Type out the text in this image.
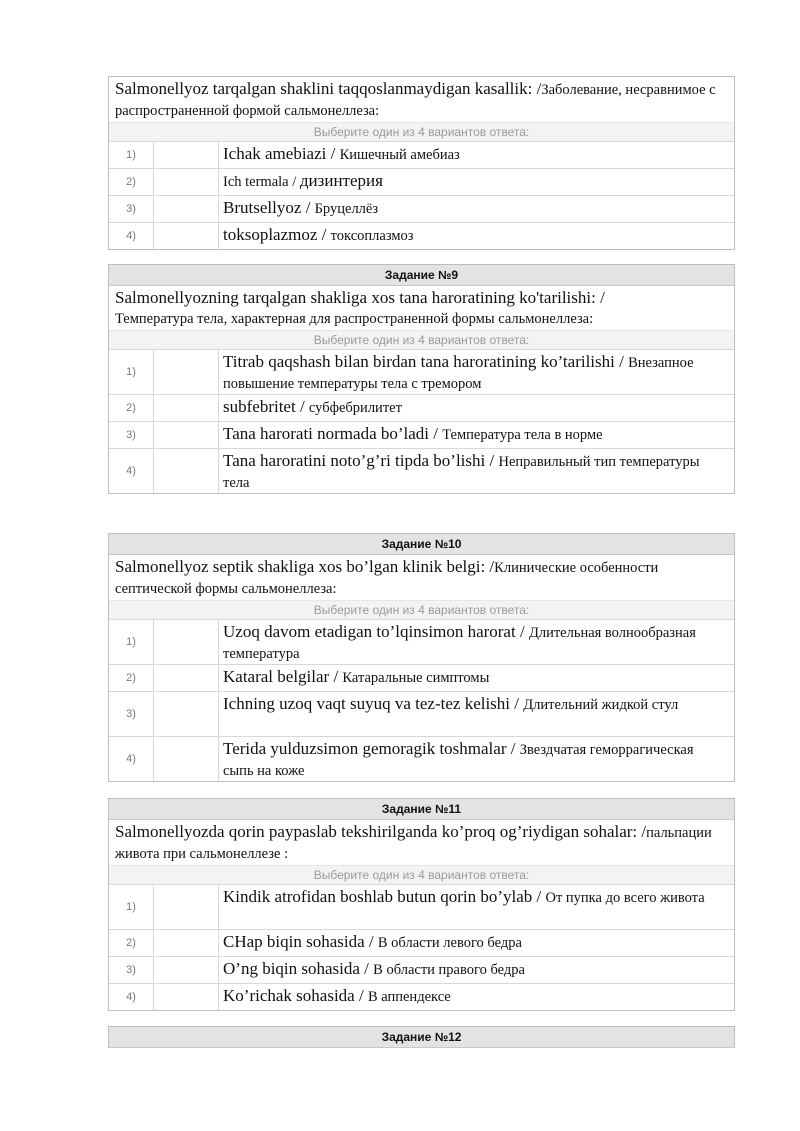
Salmonellyoz tarqalgan shaklini taqqoslanmaydigan kasallik: /Заболевание, несравнимое с распространенной формой сальмонеллеза:
Выберите один из 4 вариантов ответа:
1)	Ichak amebiazi / Кишечный амебиаз
2)	Ich termala / дизинтерия
3)	Brutsellyoz / Бруцеллёз
4)	toksoplazmoz / токсоплазмоз
Задание №9
Salmonellyozning tarqalgan shakliga xos tana haroratining ko'tarilishi: /Температура тела, характерная для распространенной формы сальмонеллеза:
Выберите один из 4 вариантов ответа:
1)
Titrab qaqshash bilan birdan tana haroratining ko’tarilishi / Внезапное повышение температуры тела с тремором
2)	subfebritet / субфебрилитет
3)	Tana harorati normada bo’ladi / Температура тела в норме
4)
Tana haroratini noto’g’ri tipda bo’lishi / Неправильный тип температуры тела
Задание №10
Salmonellyoz septik shakliga xos bo’lgan klinik belgi: /Клинические особенности септической формы сальмонеллеза:
Выберите один из 4 вариантов ответа:
1)
Uzoq davom etadigan to’lqinsimon harorat / Длительная волнообразная температура
2)	Kataral belgilar / Катаральные симптомы
3)
Ichning uzoq vaqt suyuq va tez-tez kelishi / Длительний жидкой стул
4)
Terida yulduzsimon gemoragik toshmalar / Звездчатая геморрагическая сыпь на коже
Задание №11
Salmonellyozda qorin paypaslab tekshirilganda ko’proq og’riydigan sohalar: /пальпации живота при сальмонеллезе :
Выберите один из 4 вариантов ответа:
1)
Kindik atrofidan boshlab butun qorin bo’ylab / От пупка до всего живота
2)	CHap biqin sohasida / В области левого бедра
3)	O’ng biqin sohasida / В области правого бедра
4)	Ko’richak sohasida / В аппендексе
Задание №12
